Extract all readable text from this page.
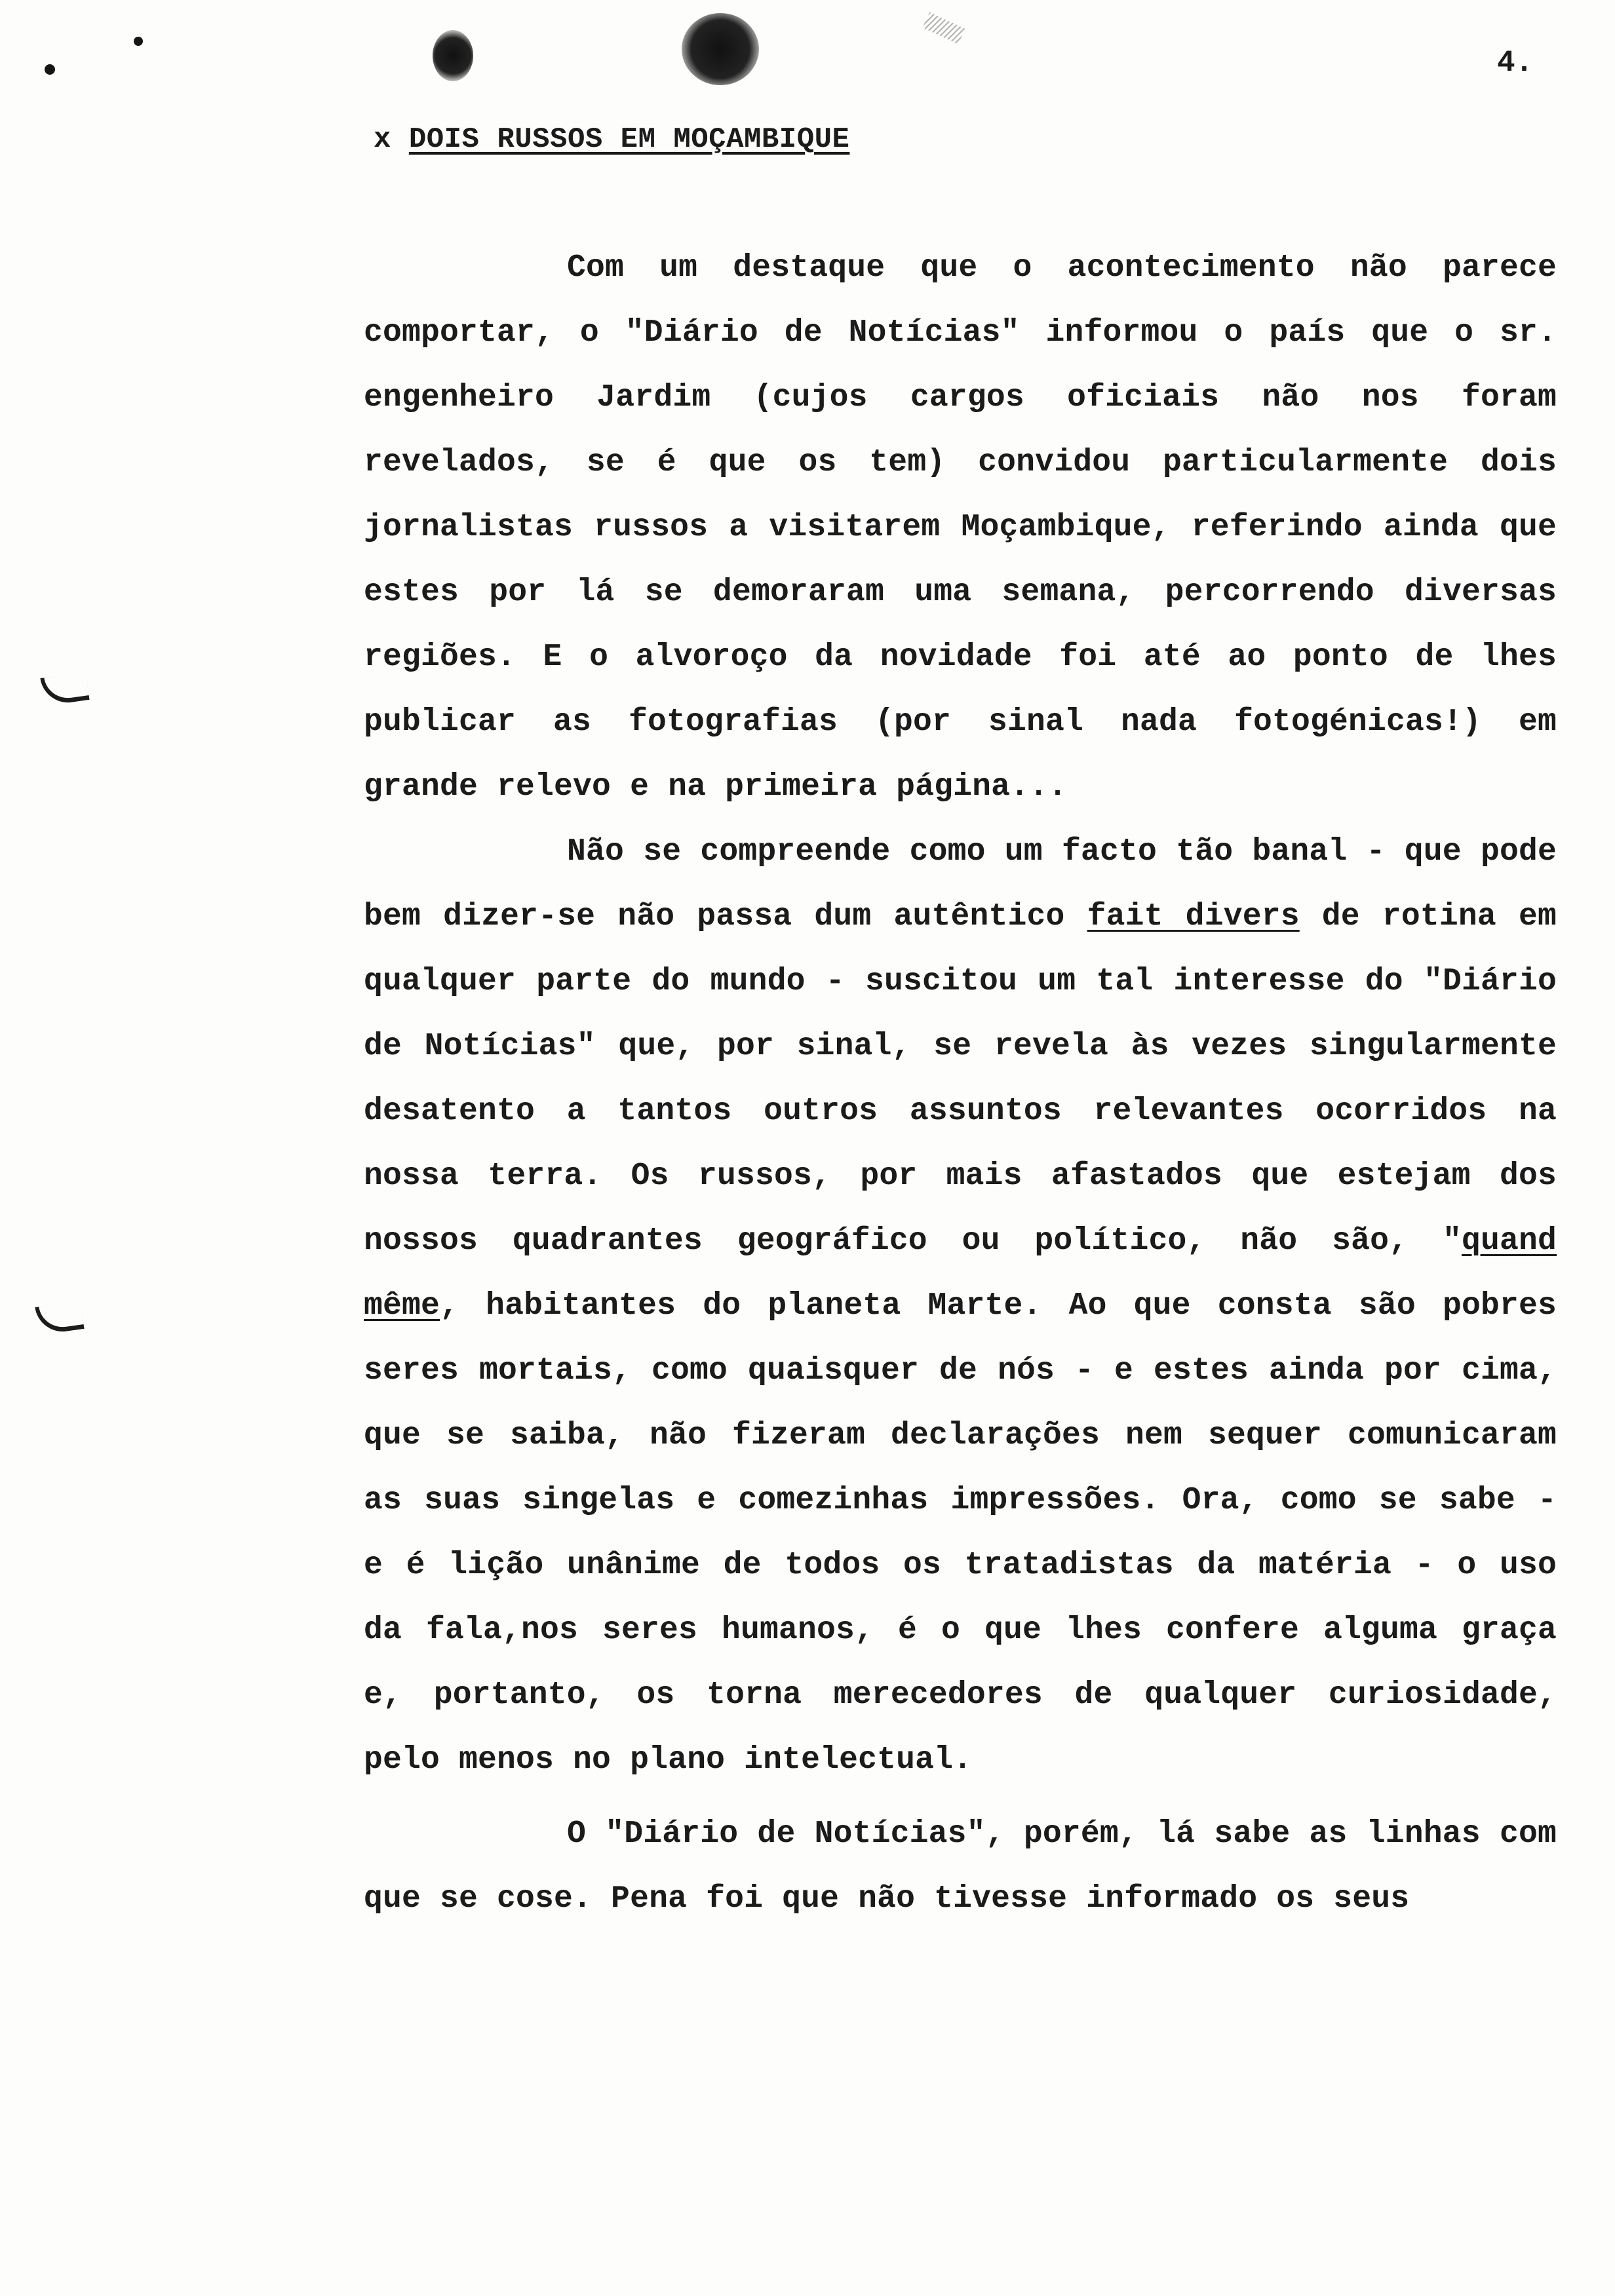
4.
x DOIS RUSSOS EM MOÇAMBIQUE

Com um destaque que o acontecimento não parece comportar, o "Diário de Notícias" informou o país que o sr. engenheiro Jardim (cujos cargos oficiais não nos foram revelados, se é que os tem) convidou particularmente dois jornalistas russos a visitarem Moçambique, referindo ainda que estes por lá se demoraram uma semana, percorrendo diversas regiões. E o alvoroço da novidade foi até ao ponto de lhes publicar as fotografias (por sinal nada fotogénicas!) em grande relevo e na primeira página...

Não se compreende como um facto tão banal - que pode bem dizer-se não passa dum autêntico fait divers de rotina em qualquer parte do mundo - suscitou um tal interesse do "Diário de Notícias" que, por sinal, se revela às vezes singularmente desatento a tantos outros assuntos relevantes ocorridos na nossa terra. Os russos, por mais afastados que estejam dos nossos quadrantes geográfico ou político, não são, "quand même, habitantes do planeta Marte. Ao que consta são pobres seres mortais, como quaisquer de nós - e estes ainda por cima, que se saiba, não fizeram declarações nem sequer comunicaram as suas singelas e comezinhas impressões. Ora, como se sabe - e é lição unânime de todos os tratadistas da matéria - o uso da fala,nos seres humanos, é o que lhes confere alguma graça e, portanto, os torna merecedores de qualquer curiosidade, pelo menos no plano intelectual.

O "Diário de Notícias", porém, lá sabe as linhas com que se cose. Pena foi que não tivesse informado os seus
